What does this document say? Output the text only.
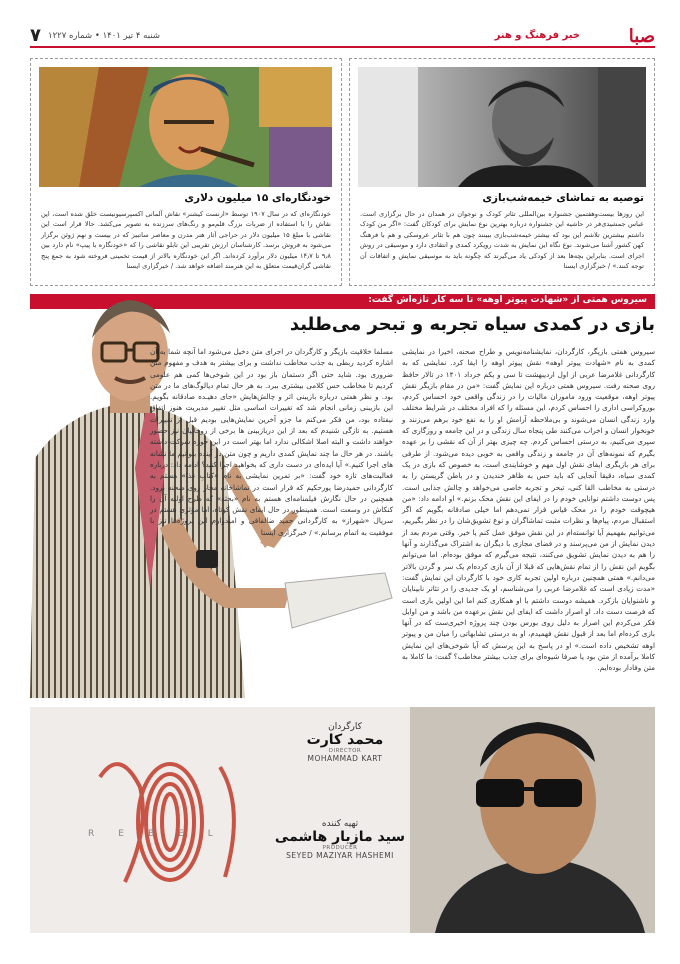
صبا
خبر فرهنگ و هنر
شنبه ۴ تیر ۱۴۰۱ • شماره ۱۲۲۷
۷
توصیه به تماشای خیمه‌شب‌بازی
این روزها بیست‌وهفتمین جشنواره بین‌المللی تئاتر کودک و نوجوان در همدان در حال برگزاری است. عباس جمشیدی‌فر در حاشیه این جشنواره درباره بهترین نوع نمایش برای کودکان گفت: «اگر من کودک داشتم بیشترین تلاشم این بود که بیشتر خیمه‌شب‌بازی ببینند چون هم با تئاتر عروسکی و هم با فرهنگ کهن کشور آشنا می‌شوند. نوع نگاه این نمایش به شدت رو‌یکرد کمدی و انتقادی دارد و موسیقی در روش اجرای است. بنابراین بچه‌ها بعد از کودکی یاد می‌گیرند که چگونه باید به موسیقی نمایش و اتفاقات آن توجه کنند.» / خبرگزاری ایسنا
خودنگاره‌ای ۱۵ میلیون دلاری
خودنگاره‌ای که در سال ۱۹۰۷ توسط «ارنست کیشنر» نقاش آلمانی اکسپرسیونیست خلق شده است، این نقاش را با استفاده از ضربات بزرگ قلم‌مو و رنگ‌های سرزنده به تصویر می‌کشد. حالا قرار است این نقاشی با مبلغ ۱۵ میلیون دلار در حراجی آثار هنر مدرن و معاصر ساتبیز که در بیست و نهم ژوئن برگزار می‌شود به فروش برسد. کارشناسان ارزش تقریبی این تابلو نقاشی را که «خودنگاره با پیپ» نام دارد بین ۹٫۸ تا ۱۴٫۷ میلیون دلار برآورد کرده‌اند. اگر این خودنگاره بالاتر از قیمت تخمینی فروخته شود به جمع پنج نقاشی گران‌قیمت متعلق به این هنرمند اضافه خواهد شد. / خبرگزاری ایسنا
سیروس همتی از «شهادت پیوتر اوهه» تا سه کار تازه‌اش گفت:
بازی در کمدی سیاه تجربه و تبحر می‌طلبد
سیروس همتی بازیگر، کارگردان، نمایشنامه‌نویس و طراح صحنه، اخیرا در نمایشی کمدی به نام «شهادت پیوتر اوهه» نقش پیوتر اوهه را ایفا کرد. نمایشی که به کارگردانی غلامرضا عربی از اول اردیبهشت تا سی و یکم خرداد ۱۴۰۱ در تالار حافظ روی صحنه رفت. سیروس همتی درباره این نمایش گفت: «من در مقام بازیگر نقش پیوتر اوهه، موقعیت ورود ماموران مالیات را در زندگی واقعی خود احساس کردم، بوروکراسی اداری را احساس کردم، این مسئله را که افراد مختلف در شرایط مختلف وارد زندگی انسان می‌شوند و بی‌ملاحظه آرامش او را به نفع خود برهم می‌زنند و خونخوار انسان و اخراب می‌کنند طی پنجاه سال زندگی و در این جامعه و روزگاری که سپری می‌کنیم، به درستی احساس کردم. چه چیزی بهتر از آن که نقشی را بر عهده بگیرم که نمونه‌های آن در جامعه و زندگی واقعی به خوبی دیده می‌شود. از طرفی برای هر بازیگری ایفای نقش اول مهم و خوشایندی است، به خصوص که بازی در یک کمدی سیاه، دقیقا آنجایی که باید حس به ظاهر خندیدن و در باطن گریستن را به درستی به مخاطب القا کنی، تبحر و تجربه خاصی می‌خواهد و چالش جذابی است. پس دوست داشتم توانایی خودم را در ایفای این نقش محک بزنم.» او ادامه داد: «من هیچوقت خودم را در محک قیاس قرار نمی‌دهم اما خیلی صادقانه بگویم که اگر استقبال مردم، پیام‌ها و نظرات مثبت تماشاگران و نوع تشویق‌شان را در نظر بگیریم، می‌توانیم بفهمیم آیا توانسته‌ام در این نقش موفق عمل کنم یا خیر. وقتی مردم بعد از دیدن نمایش از من می‌پرسند و در فضای مجازی با دیگران به اشتراک می‌گذارند و آنها را هم به دیدن نمایش تشویق می‌کنند، نتیجه می‌گیرم که موفق بوده‌ام. اما می‌توانم بگویم این نقش را از تمام نقش‌هایی که قبلا از آن بازی کرده‌ام یک سر و گردن بالاتر می‌دانم.» همتی همچنین درباره اولین تجربه کاری خود با کارگردان این نمایش گفت: «مدت زیادی است که غلامرضا عربی را می‌شناسم، او یک جدیدی را در تئاتر نابینایان و ناشنوایان بازکرد. همیشه دوست داشتم با او همکاری کنم اما این اولین باری است که فرصت دست داد. او اصرار داشت که ایفای این نقش برعهده من باشد و من اوایل فکر می‌کردم این اصرار به دلیل روی بورس بودن چند پروژه اخیری‌ست که در آنها بازی کرده‌ام اما بعد از قبول نقش فهمیدم، او به درستی تشابهاتی را میان من و پیوتر اوهه تشخیص داده است.» او در پاسخ به این پرسش که آیا شوخی‌های این نمایش کاملا برآمده از متن بود یا صرفا شیوه‌ای برای جذب بیشتر مخاطب؟ گفت: ما کاملا به متن وفادار بوده‌ایم.
مسلما خلاقیت بازیگر و کارگردان در اجرای متن دخیل می‌شود اما آنچه شما به آن اشاره کردید ربطی به جذب مخاطب نداشت و برای بیشتر به هدف و مفهوم متن ضروری بود. شاید حتی اگر دستمان باز بود در این شوخی‌ها کمی هم علومی کردیم تا مخاطب حس کلامی بیشتری ببرد. به هر حال تمام دیالوگ‌های ما در متن بود. و نظر همتی درباره بازیبنی اثر و چالش‌هایش «جای دهیـده صادقانه بگویم. این بازیبنی زمانی انجام شد که تغییرات اساسی مثل تغییر مدیریت هنوز اتفاق نیفتاده بود، من فکر می‌کنم ما جزو آخرین نمایش‌هایی بودیم قبل از تغییرات هستیم. به تازگی شنیدم که بعد از این دربازبینی ها برخی از روحانیان نیز حضور خواهند داشت و البته اصلا اشکالی ندارد اما بهتر است در این حوزه شرکت داشته باشند. در هر حال ما چند نمایش کمدی داریم و چون متن در آینده بتوانیم ما نشانه های اجرا کنیم.» آیا ایده‌ای در دست داری که بخواهید اجرا کنید؟ ادامه داد: درباره فعالیت‌های تازه خود گفت: «بر تمرین نمایشی به نام «کتابِ غذا» هستم به کارگردانی حمیدرضا پورحکیم که قرار است در تماشاخانه مجاز روی صحنه برود. همچنین در حال نگارش فیلمنامه‌ای هستم به نام «بحثه» که طرح اولیه آن را کنکاش در وسعت است. همینطور در حال ایفای نقش کوتاه، اما مؤثری هستم در سریال «شهراز» به کارگردانی حمید ضالفاقی و امیدوارم این پروژه‌ها نیز با موفقیت به اتمام برسانم.» / خبرگزاری ایسنا
REBEL
کارگردان
محمد کارت
DIRECTOR
MOHAMMAD KART
تهیه کننده
سید مازیار هاشمی
PRODUCER
SEYED MAZIYAR HASHEMI
